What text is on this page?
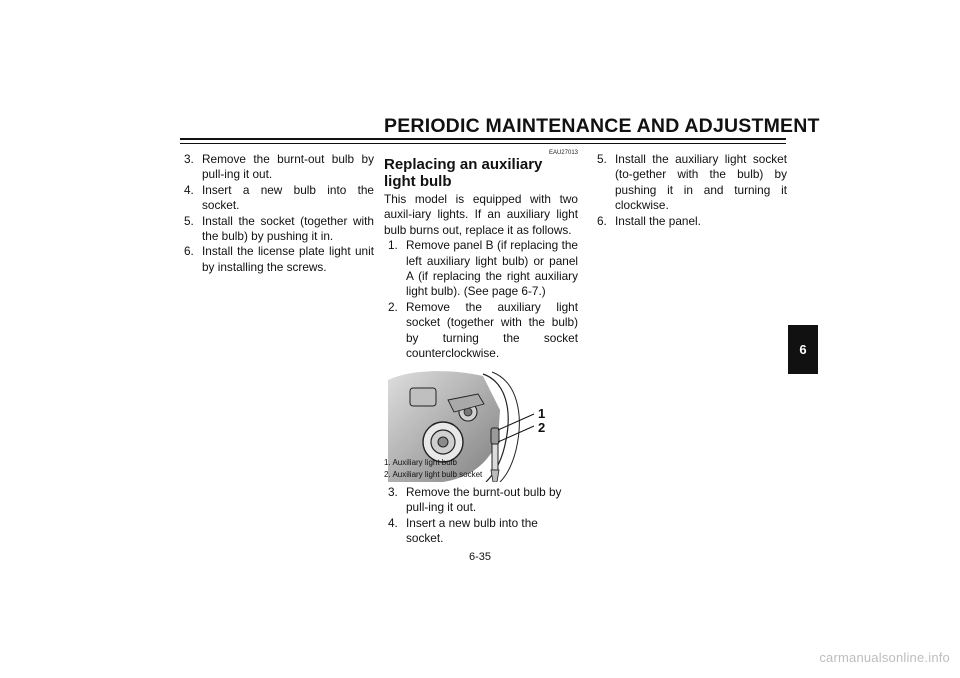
PERIODIC MAINTENANCE AND ADJUSTMENT
3. Remove the burnt-out bulb by pull-ing it out.
4. Insert a new bulb into the socket.
5. Install the socket (together with the bulb) by pushing it in.
6. Install the license plate light unit by installing the screws.
EAU27013
Replacing an auxiliary light bulb
This model is equipped with two auxil-iary lights. If an auxiliary light bulb burns out, replace it as follows.
1. Remove panel B (if replacing the left auxiliary light bulb) or panel A (if replacing the right auxiliary light bulb). (See page 6-7.)
2. Remove the auxiliary light socket (together with the bulb) by turning the socket counterclockwise.
1
2
1. Auxiliary light bulb
2. Auxiliary light bulb socket
3. Remove the burnt-out bulb by pull-ing it out.
4. Insert a new bulb into the socket.
5. Install the auxiliary light socket (to-gether with the bulb) by pushing it in and turning it clockwise.
6. Install the panel.
6-35
6
carmanualsonline.info
